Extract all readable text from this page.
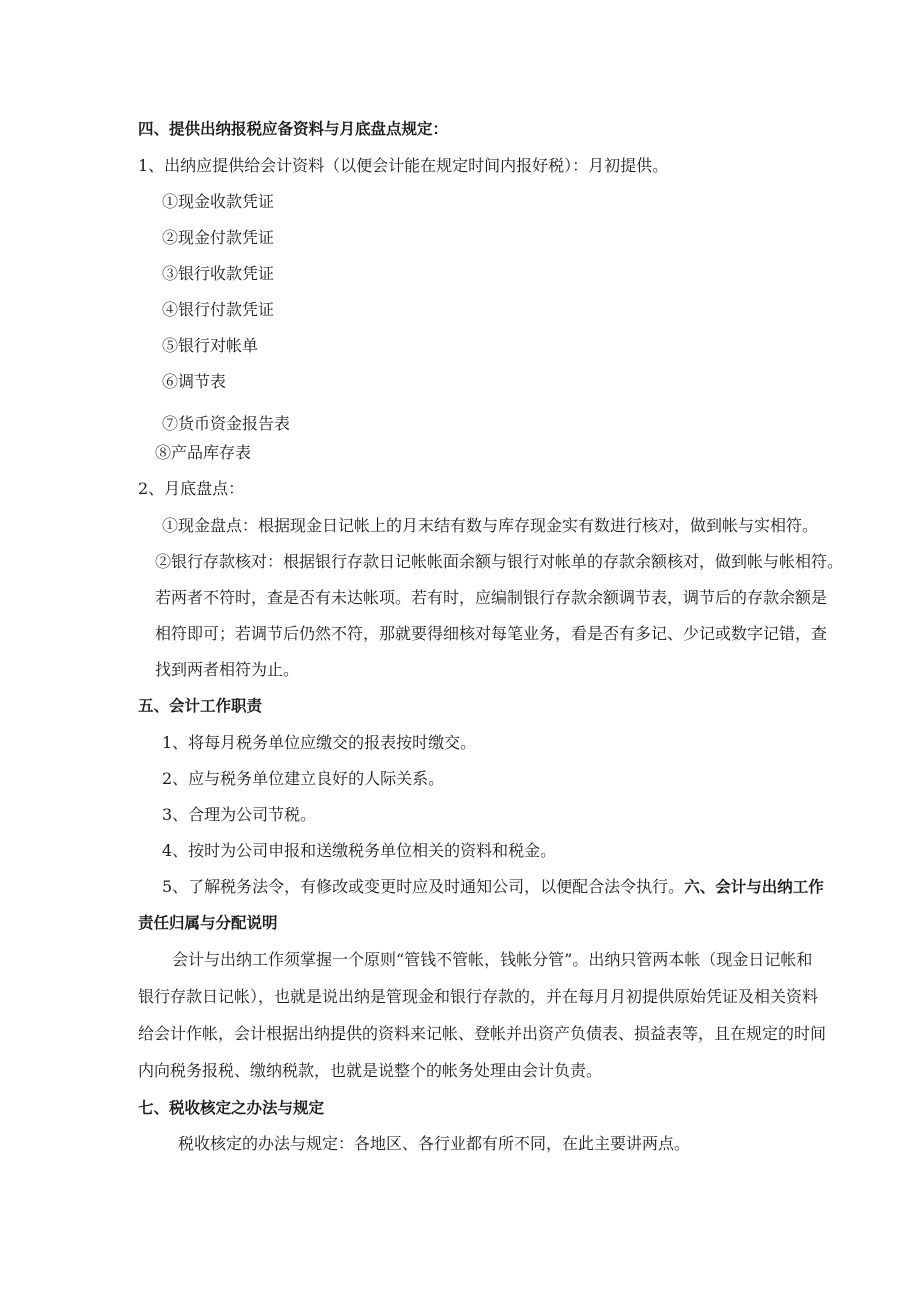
四、提供出纳报税应备资料与月底盘点规定：

1、出纳应提供给会计资料（以便会计能在规定时间内报好税）：月初提供。

①现金收款凭证

②现金付款凭证

③银行收款凭证

④银行付款凭证

⑤银行对帐单

⑥调节表

⑦货币资金报告表

⑧产品库存表

2、月底盘点：

①现金盘点：根据现金日记帐上的月末结有数与库存现金实有数进行核对，做到帐与实相符。

②银行存款核对：根据银行存款日记帐帐面余额与银行对帐单的存款余额核对，做到帐与帐相符。

若两者不符时，查是否有未达帐项。若有时，应编制银行存款余额调节表，调节后的存款余额是

相符即可；若调节后仍然不符，那就要得细核对每笔业务，看是否有多记、少记或数字记错，查

找到两者相符为止。

五、会计工作职责

1、将每月税务单位应缴交的报表按时缴交。

2、应与税务单位建立良好的人际关系。

3、合理为公司节税。

4、按时为公司申报和送缴税务单位相关的资料和税金。

5、了解税务法令，有修改或变更时应及时通知公司，以便配合法令执行。六、会计与出纳工作

责任归属与分配说明

会计与出纳工作须掌握一个原则“管钱不管帐，钱帐分管”。出纳只管两本帐（现金日记帐和

银行存款日记帐），也就是说出纳是管现金和银行存款的，并在每月月初提供原始凭证及相关资料

给会计作帐，会计根据出纳提供的资料来记帐、登帐并出资产负债表、损益表等，且在规定的时间

内向税务报税、缴纳税款，也就是说整个的帐务处理由会计负责。

七、税收核定之办法与规定

税收核定的办法与规定：各地区、各行业都有所不同，在此主要讲两点。
